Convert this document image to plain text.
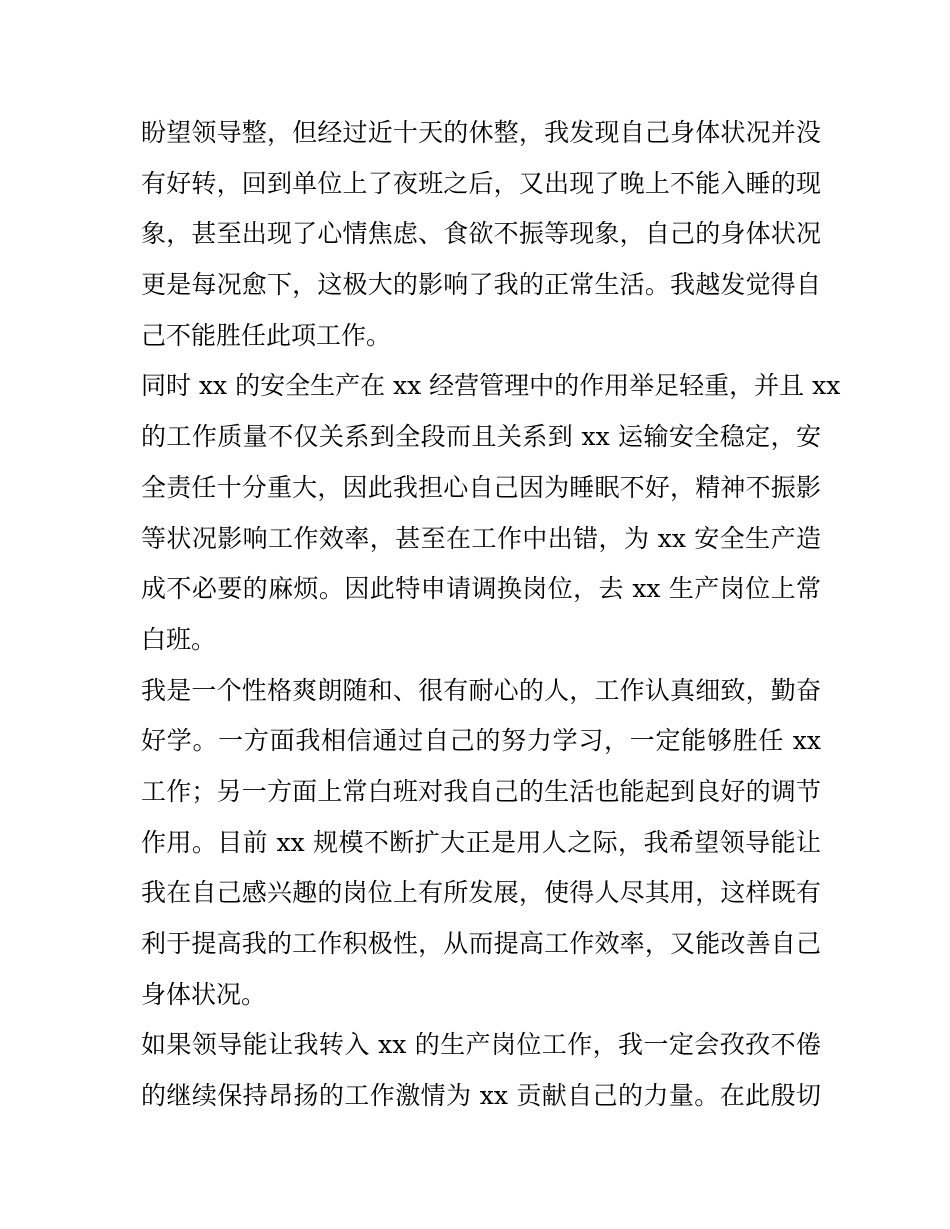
盼望领导整，但经过近十天的休整，我发现自己身体状况并没
有好转，回到单位上了夜班之后，又出现了晚上不能入睡的现
象，甚至出现了心情焦虑、食欲不振等现象，自己的身体状况
更是每况愈下，这极大的影响了我的正常生活。我越发觉得自
己不能胜任此项工作。
同时 xx 的安全生产在 xx 经营管理中的作用举足轻重，并且 xx
的工作质量不仅关系到全段而且关系到 xx 运输安全稳定，安
全责任十分重大，因此我担心自己因为睡眠不好，精神不振影
等状况影响工作效率，甚至在工作中出错，为 xx 安全生产造
成不必要的麻烦。因此特申请调换岗位，去 xx 生产岗位上常
白班。
我是一个性格爽朗随和、很有耐心的人，工作认真细致，勤奋
好学。一方面我相信通过自己的努力学习，一定能够胜任 xx
工作；另一方面上常白班对我自己的生活也能起到良好的调节
作用。目前 xx 规模不断扩大正是用人之际，我希望领导能让
我在自己感兴趣的岗位上有所发展，使得人尽其用，这样既有
利于提高我的工作积极性，从而提高工作效率，又能改善自己
身体状况。
如果领导能让我转入 xx 的生产岗位工作，我一定会孜孜不倦
的继续保持昂扬的工作激情为 xx 贡献自己的力量。在此殷切
